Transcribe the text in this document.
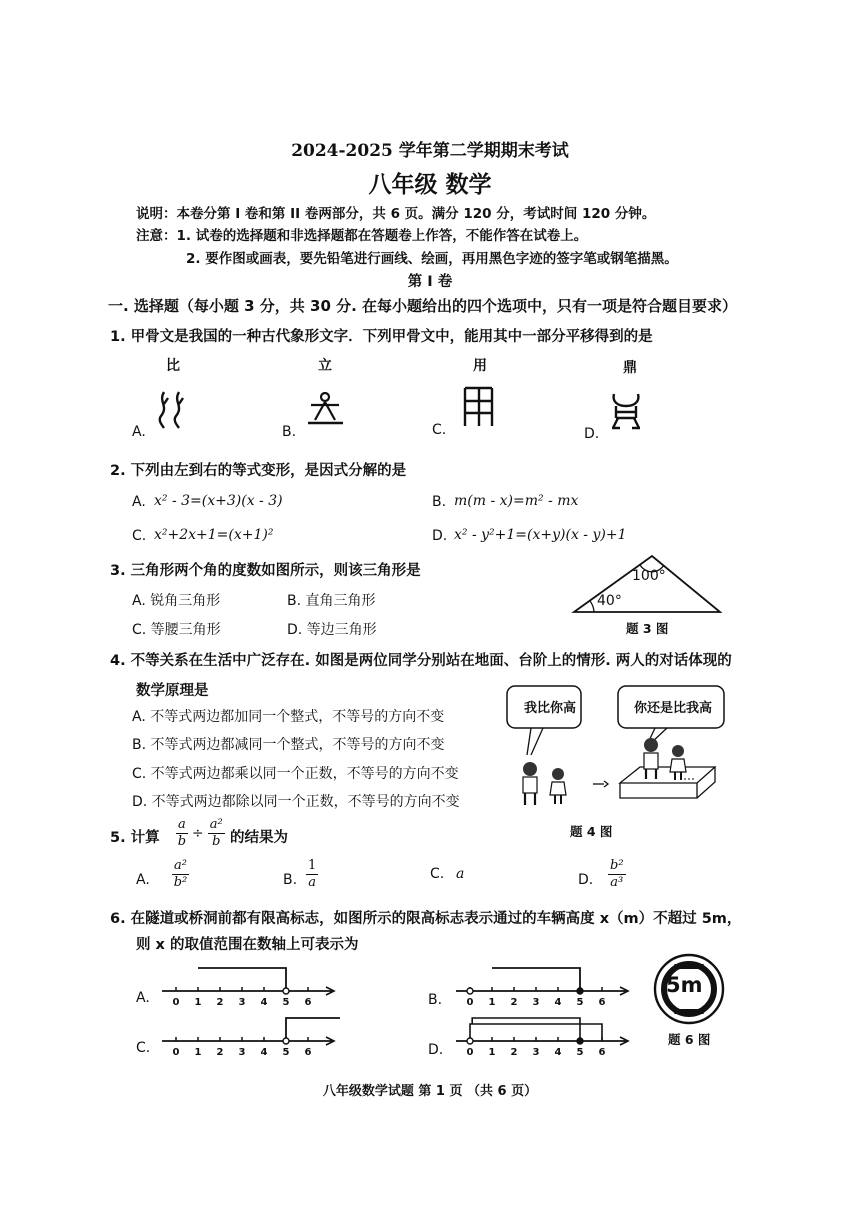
2024-2025 学年第二学期期末考试
八年级 数学
说明：本卷分第 I 卷和第 II 卷两部分，共 6 页。满分 120 分，考试时间 120 分钟。
注意：1. 试卷的选择题和非选择题都在答题卷上作答，不能作答在试卷上。
2. 要作图或画表，要先铅笔进行画线、绘画，再用黑色字迹的签字笔或钢笔描黑。
第 I 卷
一. 选择题（每小题 3 分，共 30 分. 在每小题给出的四个选项中，只有一项是符合题目要求）
1. 甲骨文是我国的一种古代象形文字．下列甲骨文中，能用其中一部分平移得到的是
比	立	用	鼎
A.	B.	C.	D.
2. 下列由左到右的等式变形，是因式分解的是
A. x² - 3=(x+3)(x - 3)	B. m(m - x)=m² - mx
C. x²+2x+1=(x+1)²	D. x² - y²+1=(x+y)(x - y)+1
3. 三角形两个角的度数如图所示，则该三角形是
A. 锐角三角形	B. 直角三角形
C. 等腰三角形	D. 等边三角形
100°
40°
题 3 图
4. 不等关系在生活中广泛存在. 如图是两位同学分别站在地面、台阶上的情形. 两人的对话体现的
数学原理是
A. 不等式两边都加同一个整式，不等号的方向不变
B. 不等式两边都减同一个整式，不等号的方向不变
C. 不等式两边都乘以同一个正数，不等号的方向不变
D. 不等式两边都除以同一个正数，不等号的方向不变
我比你高	你还是比我高
题 4 图
5. 计算 $\frac{a}{b} \div \frac{\text{a²}}{b}$ 的结果为
A. $\frac{\text{a²}}{\text{b²}}$	B. $\frac{1}{a}$	C. a	D. $\frac{\text{b²}}{\text{a³}}$
6. 在隧道或桥洞前都有限高标志，如图所示的限高标志表示通过的车辆高度 x（m）不超过 5m，
则 x 的取值范围在数轴上可表示为
A. 0 1 2 3 4 5 6	B. 0 1 2 3 4 5 6
C. 0 1 2 3 4 5 6	D. 0 1 2 3 4 5 6
5m
题 6 图
八年级数学试题 第 1 页 （共 6 页）
